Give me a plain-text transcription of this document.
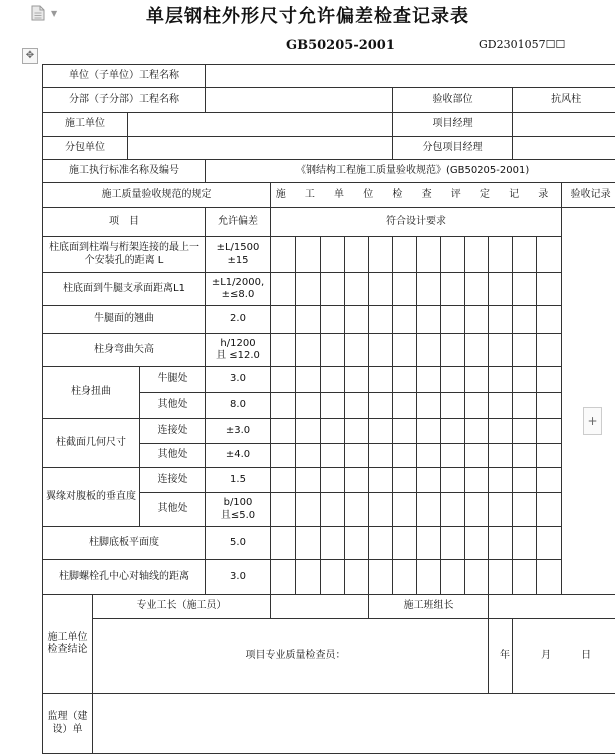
▼	单层钢柱外形尺寸允许偏差检查记录表
GB50205-2001	GD2301057☐☐
✥
+
单位（子单位）工程名称																	
分部（子分部）工程名称										验收部位					抗风柱		
施工单位										项目经理							
分包单位										分包项目经理							
施工执行标准名称及编号				《钢结构工程施工质量验收规范》(GB50205-2001)													
施工质量验收规范的规定					施 工 单 位 检 查 评 定 记 录												验收记录
项　目				允许偏差	符合设计要求												
柱底面到柱端与桁架连接的最上一个安装孔的距离 L				±L/1500
±15													
柱底面到牛腿支承面距离L1				±L1/2000,
±≤8.0													
牛腿面的翘曲				2.0													
柱身弯曲矢高				h/1200
且 ≤12.0													
柱身扭曲			牛腿处	3.0													
			其他处	8.0													
柱截面几何尺寸			连接处	±3.0													
			其他处	±4.0													
翼缘对腹板的垂直度			连接处	1.5													
			其他处	b/100
且≤5.0													
柱脚底板平面度				5.0													
柱脚螺栓孔中心对轴线的距离				3.0													
施工单位检查结论	专业工长（施工员）								施工班组长								
	项目专业质量检查员：													年	月　　　 日		
监理（建设）单																	
